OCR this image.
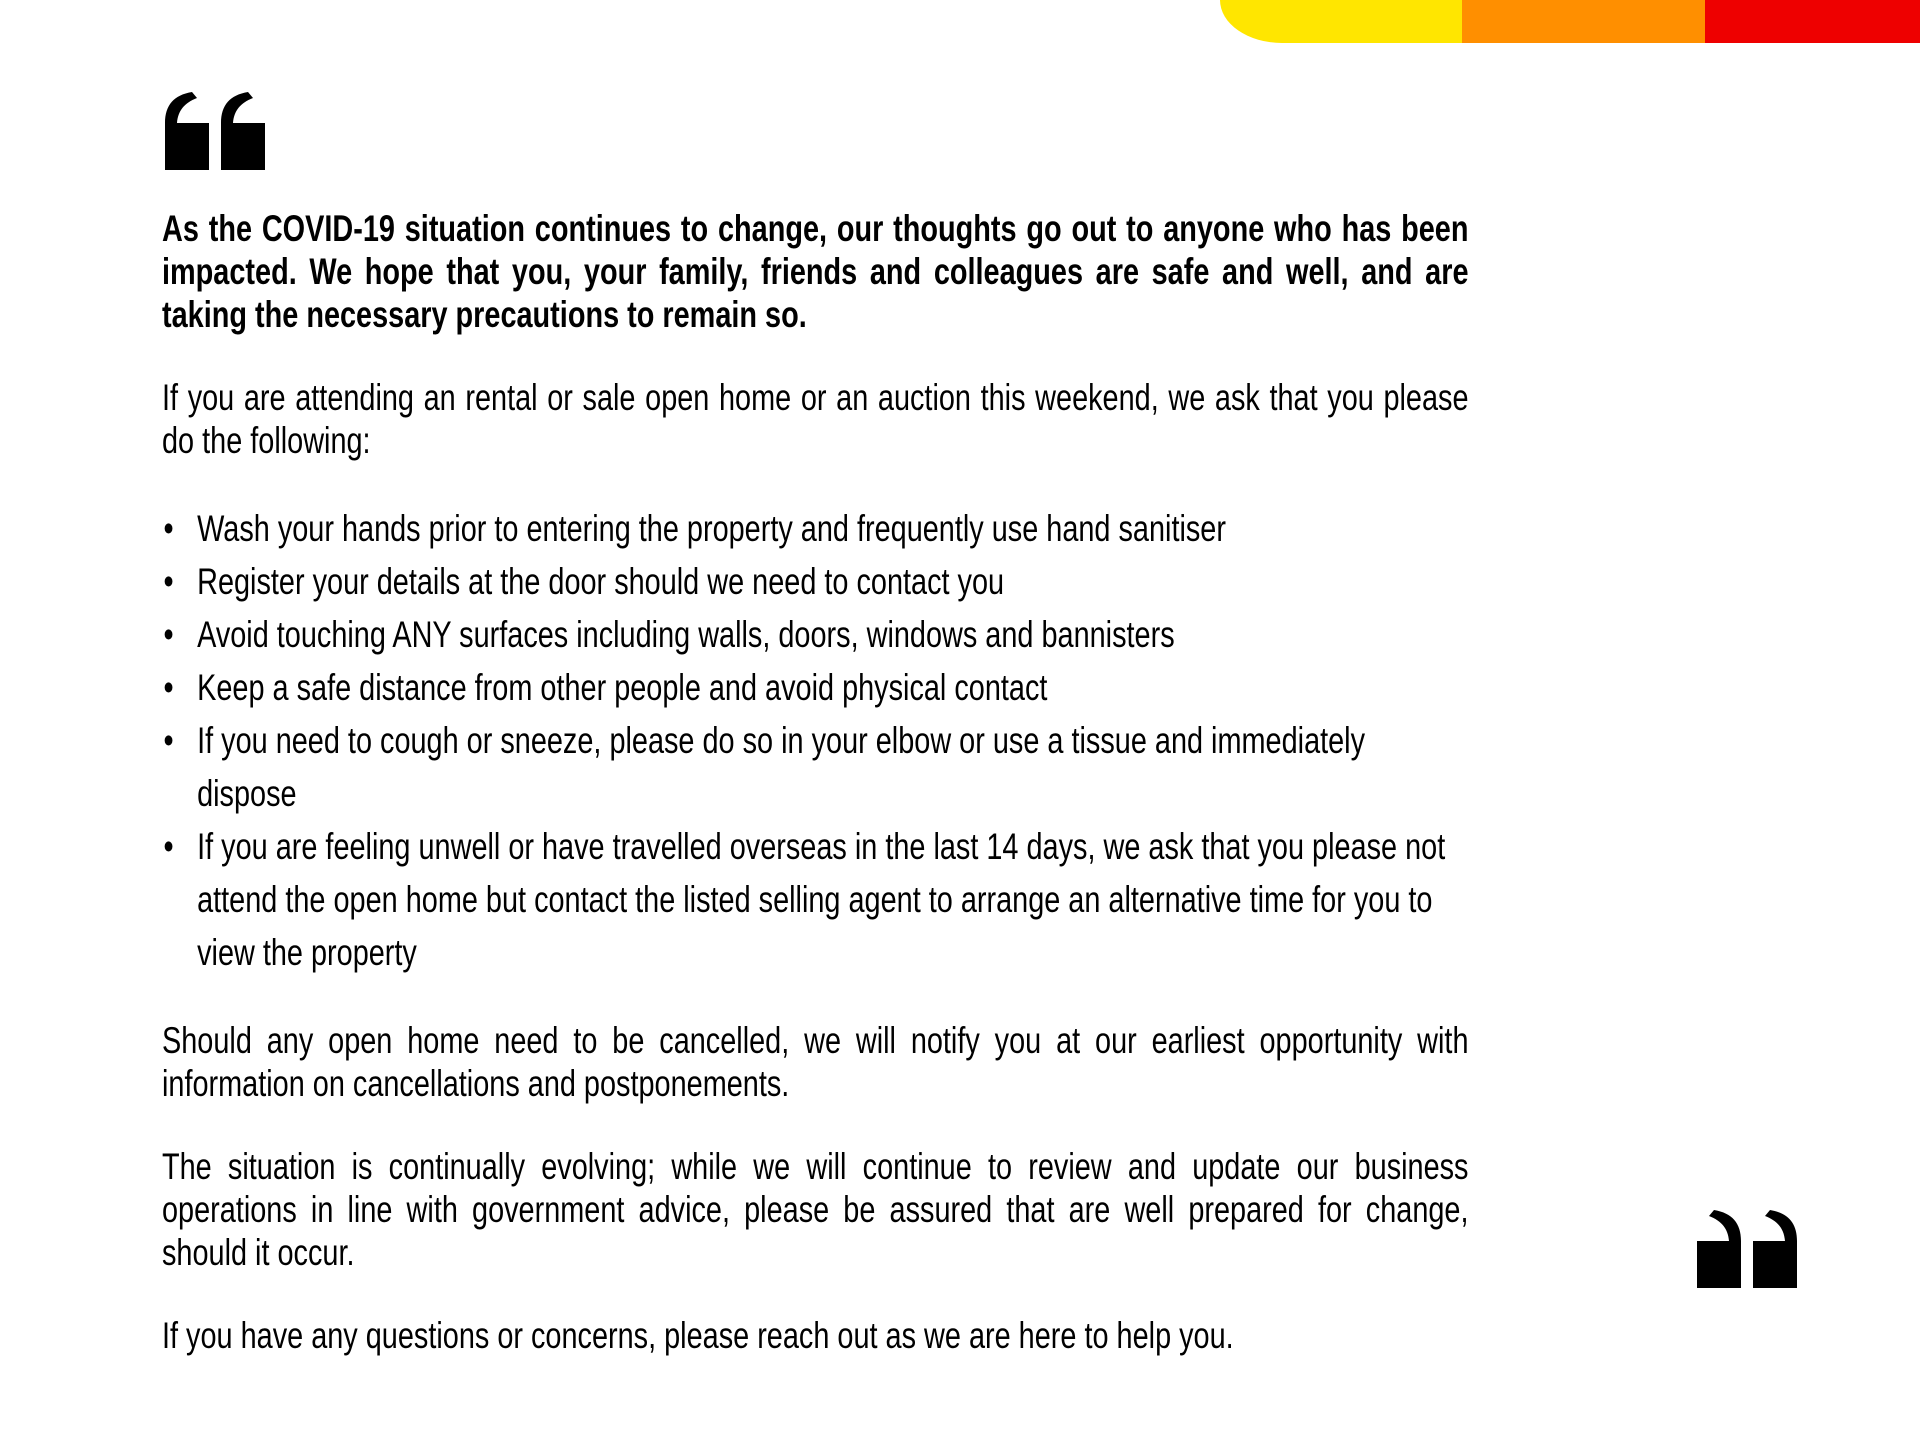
As the COVID-19 situation continues to change, our thoughts go out to anyone who has been impacted. We hope that you, your family, friends and colleagues are safe and well, and are taking the necessary precautions to remain so.

If you are attending an rental or sale open home or an auction this weekend, we ask that you please do the following:

• Wash your hands prior to entering the property and frequently use hand sanitiser
• Register your details at the door should we need to contact you
• Avoid touching ANY surfaces including walls, doors, windows and bannisters
• Keep a safe distance from other people and avoid physical contact
• If you need to cough or sneeze, please do so in your elbow or use a tissue and immediately dispose
• If you are feeling unwell or have travelled overseas in the last 14 days, we ask that you please not attend the open home but contact the listed selling agent to arrange an alternative time for you to view the property

Should any open home need to be cancelled, we will notify you at our earliest opportunity with information on cancellations and postponements.

The situation is continually evolving; while we will continue to review and update our business operations in line with government advice, please be assured that are well prepared for change, should it occur.

If you have any questions or concerns, please reach out as we are here to help you.
